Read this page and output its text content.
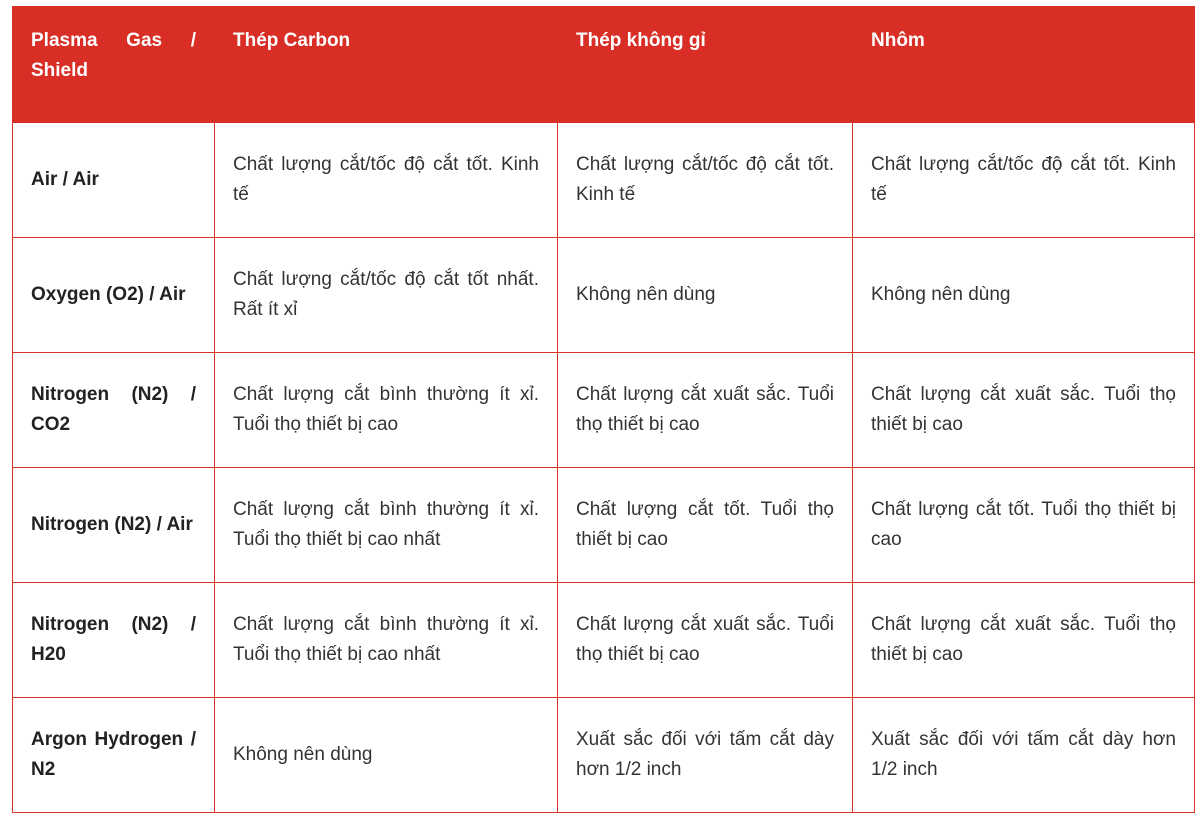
Plasma Gas / Shield	Thép Carbon	Thép không gỉ	Nhôm
Air / Air	Chất lượng cắt/tốc độ cắt tốt. Kinh tế	Chất lượng cắt/tốc độ cắt tốt. Kinh tế	Chất lượng cắt/tốc độ cắt tốt. Kinh tế
Oxygen (O2) / Air	Chất lượng cắt/tốc độ cắt tốt nhất. Rất ít xỉ	Không nên dùng	Không nên dùng
Nitrogen (N2) / CO2	Chất lượng cắt bình thường ít xỉ. Tuổi thọ thiết bị cao	Chất lượng cắt xuất sắc. Tuổi thọ thiết bị cao	Chất lượng cắt xuất sắc. Tuổi thọ thiết bị cao
Nitrogen (N2) / Air	Chất lượng cắt bình thường ít xỉ. Tuổi thọ thiết bị cao nhất	Chất lượng cắt tốt. Tuổi thọ thiết bị cao	Chất lượng cắt tốt. Tuổi thọ thiết bị cao
Nitrogen (N2) / H20	Chất lượng cắt bình thường ít xỉ. Tuổi thọ thiết bị cao nhất	Chất lượng cắt xuất sắc. Tuổi thọ thiết bị cao	Chất lượng cắt xuất sắc. Tuổi thọ thiết bị cao
Argon Hydrogen / N2	Không nên dùng	Xuất sắc đối với tấm cắt dày hơn 1/2 inch	Xuất sắc đối với tấm cắt dày hơn 1/2 inch
